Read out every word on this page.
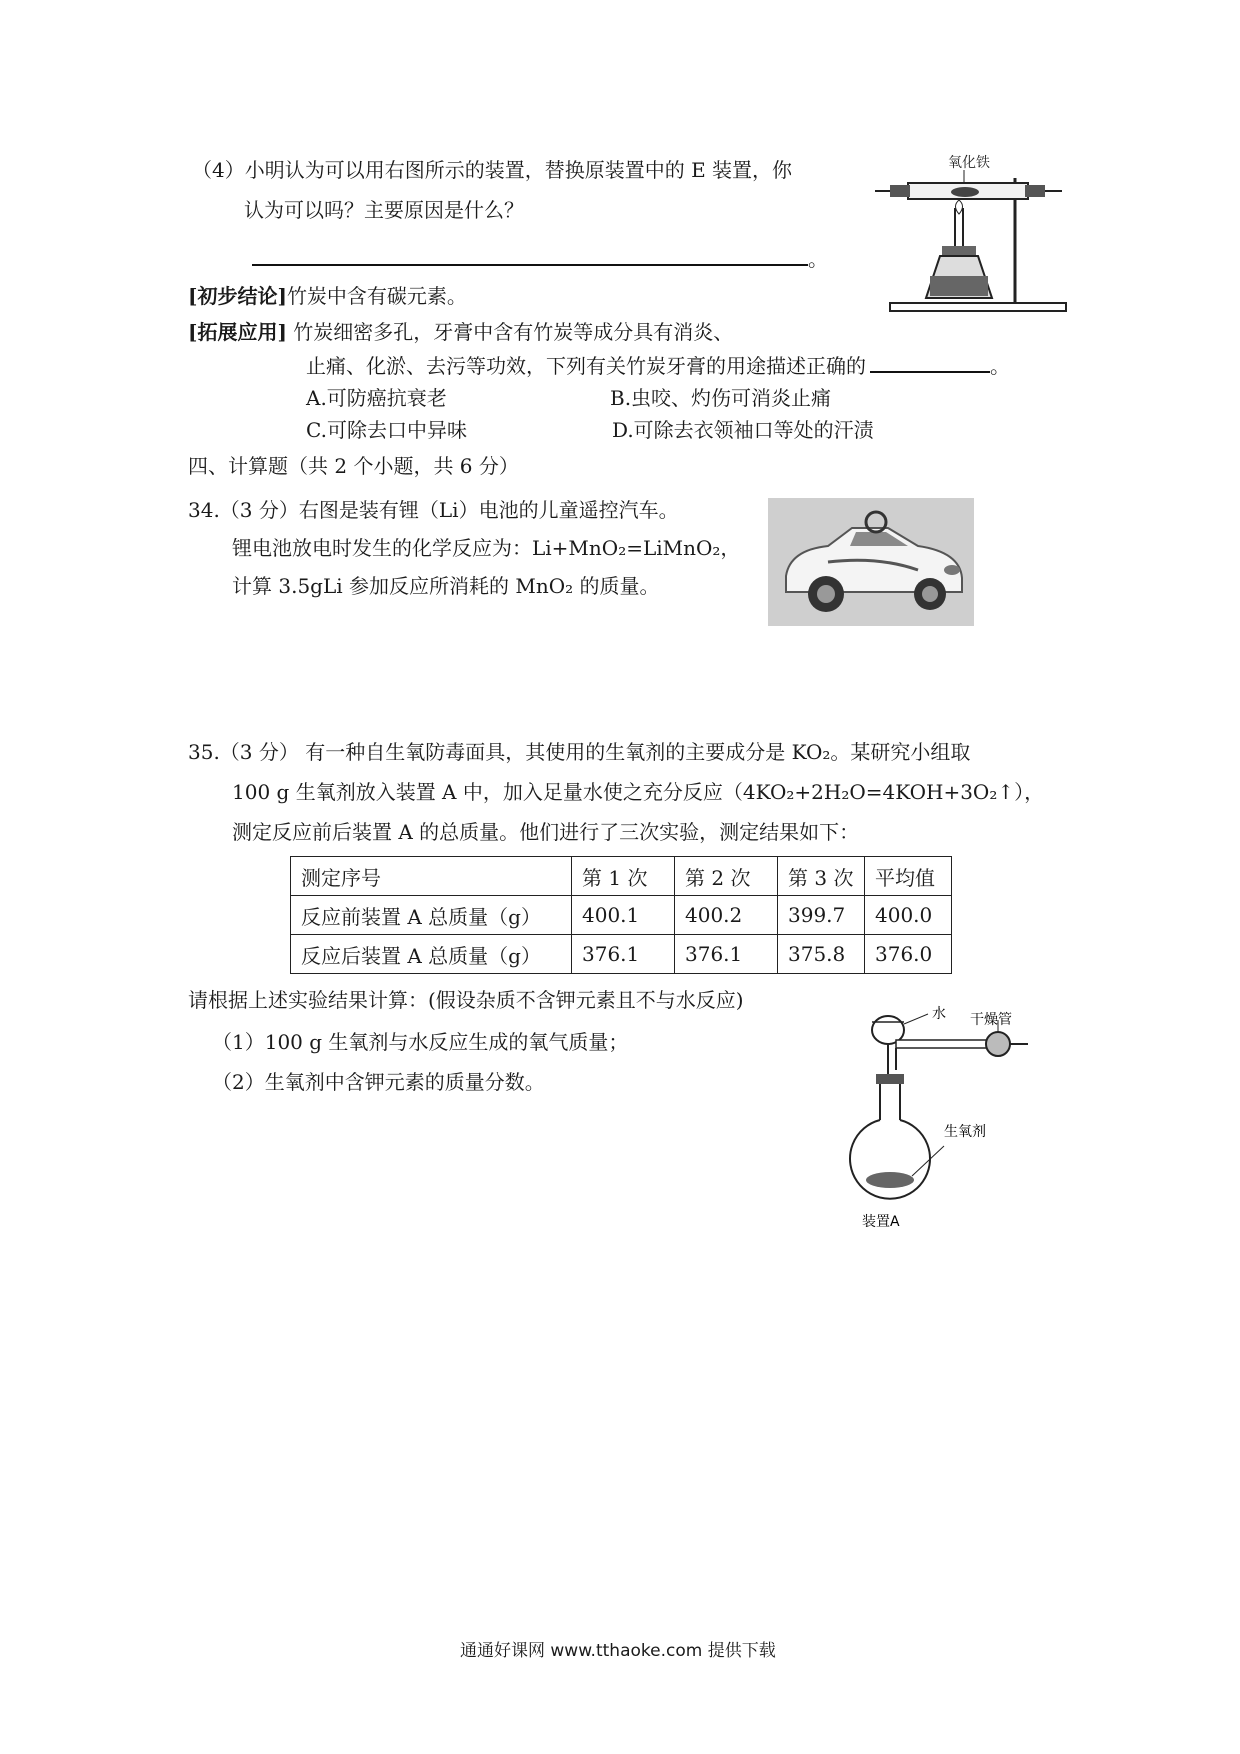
（4）小明认为可以用右图所示的装置，替换原装置中的 E 装置，你
认为可以吗？主要原因是什么？
。
氧化铁
[初步结论]竹炭中含有碳元素。
[拓展应用] 竹炭细密多孔，牙膏中含有竹炭等成分具有消炎、
止痛、化淤、去污等功效，下列有关竹炭牙膏的用途描述正确的	。
A.可防癌抗衰老	B.虫咬、灼伤可消炎止痛
C.可除去口中异味	D.可除去衣领袖口等处的汗渍
四、计算题（共 2 个小题，共 6 分）
34.（3 分）右图是装有锂（Li）电池的儿童遥控汽车。
锂电池放电时发生的化学反应为：Li+MnO₂=LiMnO₂，
计算 3.5gLi 参加反应所消耗的 MnO₂ 的质量。
35.（3 分） 有一种自生氧防毒面具，其使用的生氧剂的主要成分是 KO₂。某研究小组取
100 g 生氧剂放入装置 A 中，加入足量水使之充分反应（4KO₂+2H₂O=4KOH+3O₂↑），
测定反应前后装置 A 的总质量。他们进行了三次实验，测定结果如下：
测定序号	第 1 次	第 2 次	第 3 次	平均值
反应前装置 A 总质量（g）	400.1	400.2	399.7	400.0
反应后装置 A 总质量（g）	376.1	376.1	375.8	376.0
请根据上述实验结果计算：(假设杂质不含钾元素且不与水反应)
（1）100 g 生氧剂与水反应生成的氧气质量；
（2）生氧剂中含钾元素的质量分数。
水 干燥管
生氧剂
装置A
通通好课网 www.tthaoke.com 提供下载
